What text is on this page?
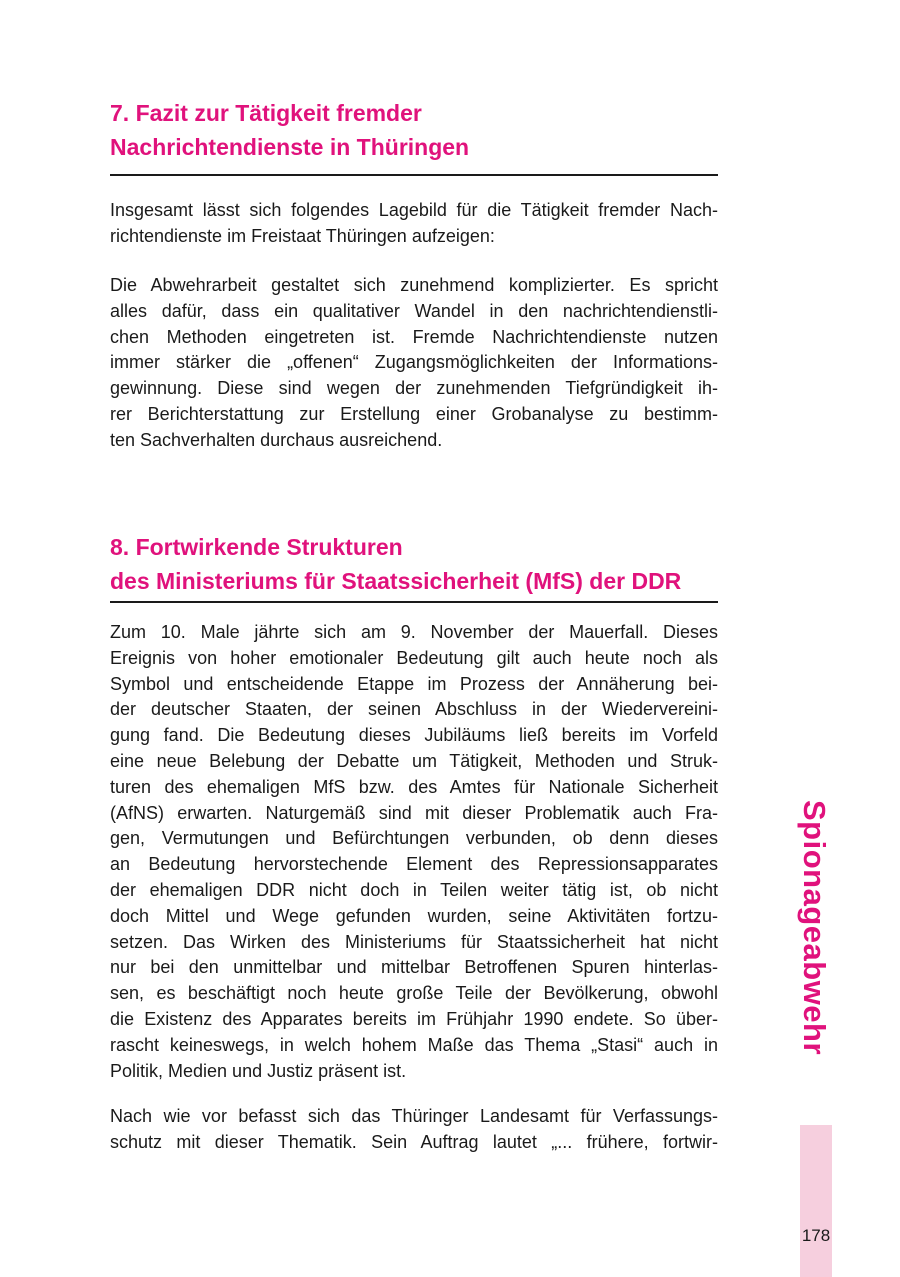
7. Fazit zur Tätigkeit fremder
Nachrichtendienste in Thüringen

Insgesamt lässt sich folgendes Lagebild für die Tätigkeit fremder Nach-
richtendienste im Freistaat Thüringen aufzeigen:

Die Abwehrarbeit gestaltet sich zunehmend komplizierter. Es spricht
alles dafür, dass ein qualitativer Wandel in den nachrichtendienstli-
chen Methoden eingetreten ist. Fremde Nachrichtendienste nutzen
immer stärker die „offenen“ Zugangsmöglichkeiten der Informations-
gewinnung. Diese sind wegen der zunehmenden Tiefgründigkeit ih-
rer Berichterstattung zur Erstellung einer Grobanalyse zu bestimm-
ten Sachverhalten durchaus ausreichend.

8. Fortwirkende Strukturen
des Ministeriums für Staatssicherheit (MfS) der DDR

Zum 10. Male jährte sich am 9. November der Mauerfall. Dieses
Ereignis von hoher emotionaler Bedeutung gilt auch heute noch als
Symbol und entscheidende Etappe im Prozess der Annäherung bei-
der deutscher Staaten, der seinen Abschluss in der Wiedervereini-
gung fand. Die Bedeutung dieses Jubiläums ließ bereits im Vorfeld
eine neue Belebung der Debatte um Tätigkeit, Methoden und Struk-
turen des ehemaligen MfS bzw. des Amtes für Nationale Sicherheit
(AfNS) erwarten. Naturgemäß sind mit dieser Problematik auch Fra-
gen, Vermutungen und Befürchtungen verbunden, ob denn dieses
an Bedeutung hervorstechende Element des Repressionsapparates
der ehemaligen DDR nicht doch in Teilen weiter tätig ist, ob nicht
doch Mittel und Wege gefunden wurden, seine Aktivitäten fortzu-
setzen. Das Wirken des Ministeriums für Staatssicherheit hat nicht
nur bei den unmittelbar und mittelbar Betroffenen Spuren hinterlas-
sen, es beschäftigt noch heute große Teile der Bevölkerung, obwohl
die Existenz des Apparates bereits im Frühjahr 1990 endete. So über-
rascht keineswegs, in welch hohem Maße das Thema „Stasi“ auch in
Politik, Medien und Justiz präsent ist.

Nach wie vor befasst sich das Thüringer Landesamt für Verfassungs-
schutz mit dieser Thematik. Sein Auftrag lautet „... frühere, fortwir-

Spionageabwehr
178
